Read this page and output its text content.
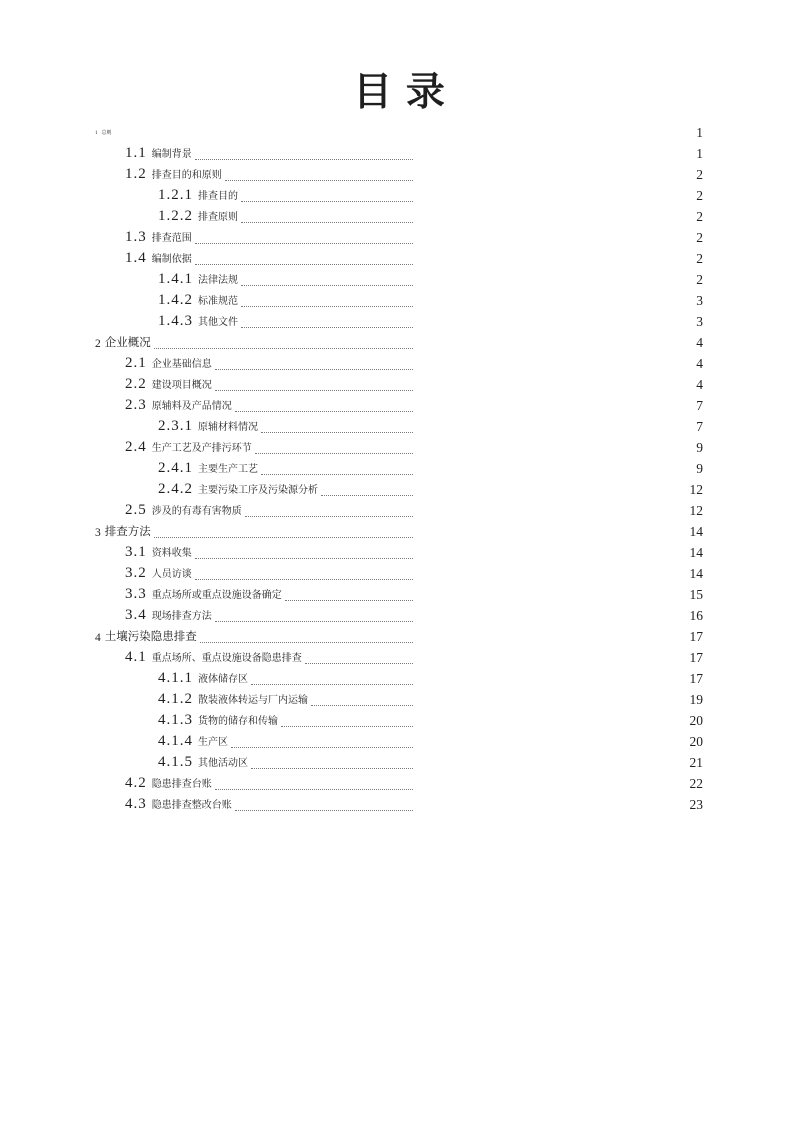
目 录
1 总则	1
1.1 编制背景	1
1.2 排查目的和原则	2
1.2.1 排查目的	2
1.2.2 排查原则	2
1.3 排查范围	2
1.4 编制依据	2
1.4.1 法律法规	2
1.4.2 标准规范	3
1.4.3 其他文件	3
2 企业概况	4
2.1 企业基础信息	4
2.2 建设项目概况	4
2.3 原辅料及产品情况	7
2.3.1 原辅材料情况	7
2.4 生产工艺及产排污环节	9
2.4.1 主要生产工艺	9
2.4.2 主要污染工序及污染源分析	12
2.5 涉及的有毒有害物质	12
3 排查方法	14
3.1 资料收集	14
3.2 人员访谈	14
3.3 重点场所或重点设施设备确定	15
3.4 现场排查方法	16
4 土壤污染隐患排查	17
4.1 重点场所、重点设施设备隐患排查	17
4.1.1 液体储存区	17
4.1.2 散装液体转运与厂内运输	19
4.1.3 货物的储存和传输	20
4.1.4 生产区	20
4.1.5 其他活动区	21
4.2 隐患排查台账	22
4.3 隐患排查整改台账	23
